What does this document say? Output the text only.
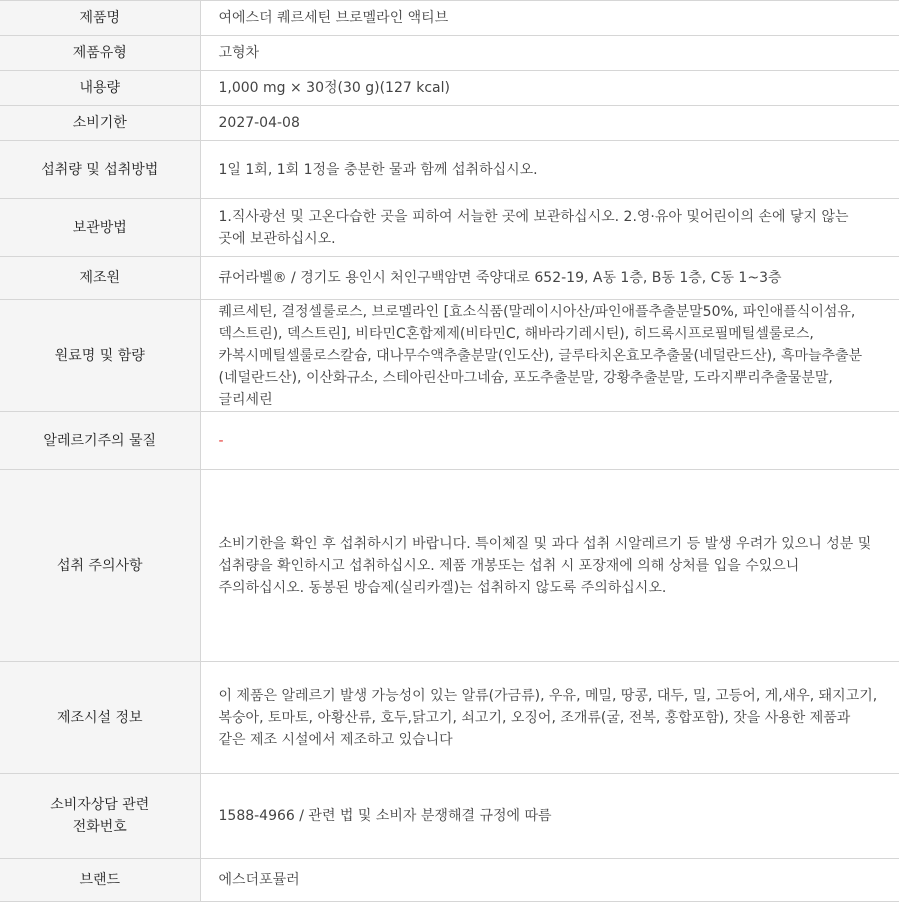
제품명	여에스더 퀘르세틴 브로멜라인 액티브
제품유형	고형차
내용량	1,000 mg × 30정(30 g)(127 kcal)
소비기한	2027-04-08
섭취량 및 섭취방법	1일 1회, 1회 1정을 충분한 물과 함께 섭취하십시오.
보관방법	1.직사광선 및 고온다습한 곳을 피하여 서늘한 곳에 보관하십시오. 2.영·유아 및어린이의 손에 닿지 않는 곳에 보관하십시오.
제조원	큐어라벨® / 경기도 용인시 처인구백암면 죽양대로 652-19, A동 1층, B동 1층, C동 1~3층
원료명 및 함량	퀘르세틴, 결정셀룰로스, 브로멜라인 [효소식품(말레이시아산/파인애플추출분말50%, 파인애플식이섬유, 덱스트린), 덱스트린], 비타민C혼합제제(비타민C, 해바라기레시틴), 히드록시프로필메틸셀룰로스, 카복시메틸셀룰로스칼슘, 대나무수액추출분말(인도산), 글루타치온효모추출물(네덜란드산), 흑마늘추출분(네덜란드산), 이산화규소, 스테아린산마그네슘, 포도추출분말, 강황추출분말, 도라지뿌리추출물분말, 글리세린
알레르기주의 물질	-
섭취 주의사항	소비기한을 확인 후 섭취하시기 바랍니다. 특이체질 및 과다 섭취 시알레르기 등 발생 우려가 있으니 성분 및 섭취량을 확인하시고 섭취하십시오. 제품 개봉또는 섭취 시 포장재에 의해 상처를 입을 수있으니 주의하십시오. 동봉된 방습제(실리카겔)는 섭취하지 않도록 주의하십시오.
제조시설 정보	이 제품은 알레르기 발생 가능성이 있는 알류(가금류), 우유, 메밀, 땅콩, 대두, 밀, 고등어, 게,새우, 돼지고기, 복숭아, 토마토, 아황산류, 호두,닭고기, 쇠고기, 오징어, 조개류(굴, 전복, 홍합포함), 잣을 사용한 제품과 같은 제조 시설에서 제조하고 있습니다
소비자상담 관련
전화번호	1588-4966 / 관련 법 및 소비자 분쟁해결 규정에 따름
브랜드	에스더포뮬러
